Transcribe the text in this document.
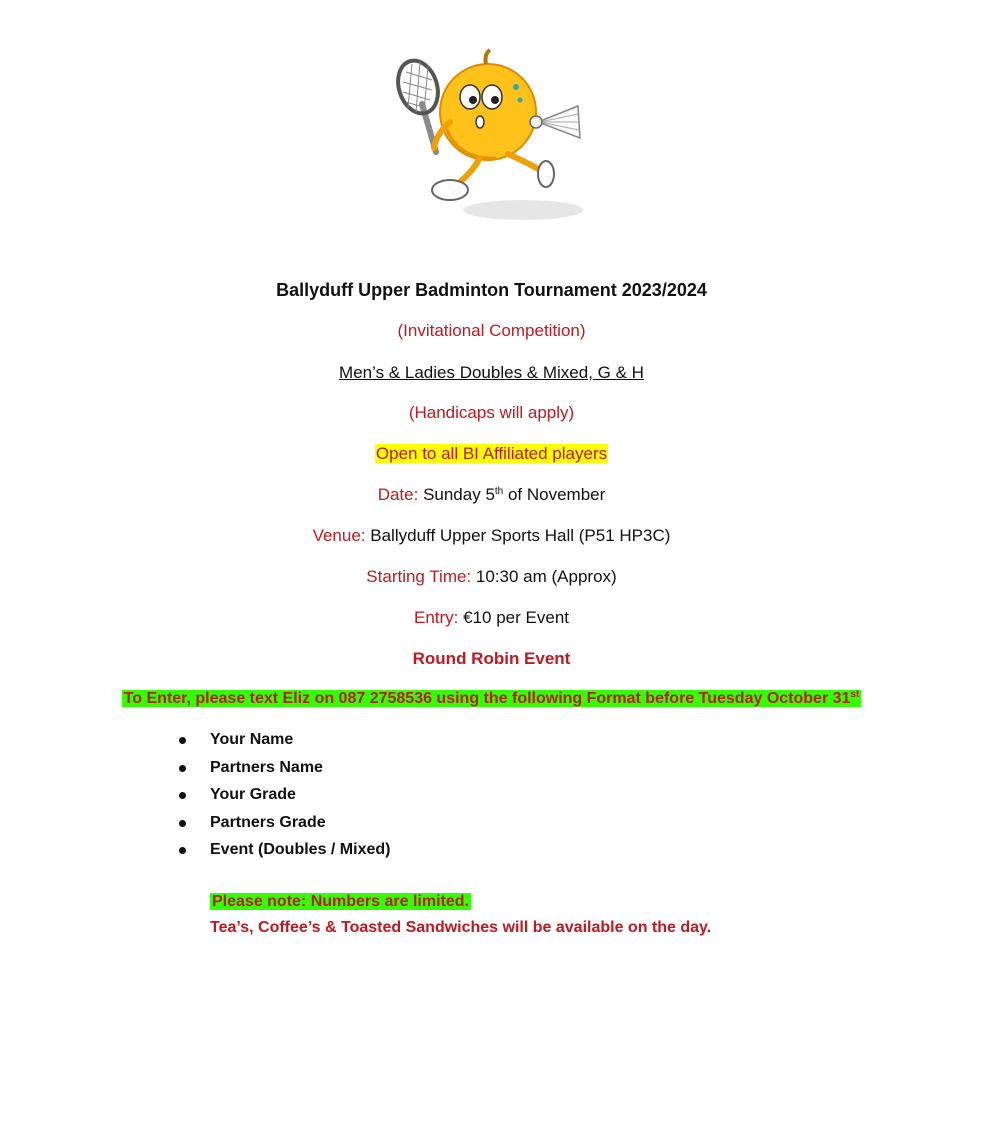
Ballyduff Upper Badminton Tournament 2023/2024
(Invitational Competition)
Men’s & Ladies Doubles & Mixed, G & H
(Handicaps will apply)
Open to all BI Affiliated players
Date: Sunday 5th of November
Venue: Ballyduff Upper Sports Hall (P51 HP3C)
Starting Time: 10:30 am (Approx)
Entry: €10 per Event
Round Robin Event
To Enter, please text Eliz on 087 2758536 using the following Format before Tuesday October 31st
Your Name
Partners Name
Your Grade
Partners Grade
Event (Doubles / Mixed)
Please note: Numbers are limited.
Tea’s, Coffee’s & Toasted Sandwiches will be available on the day.
